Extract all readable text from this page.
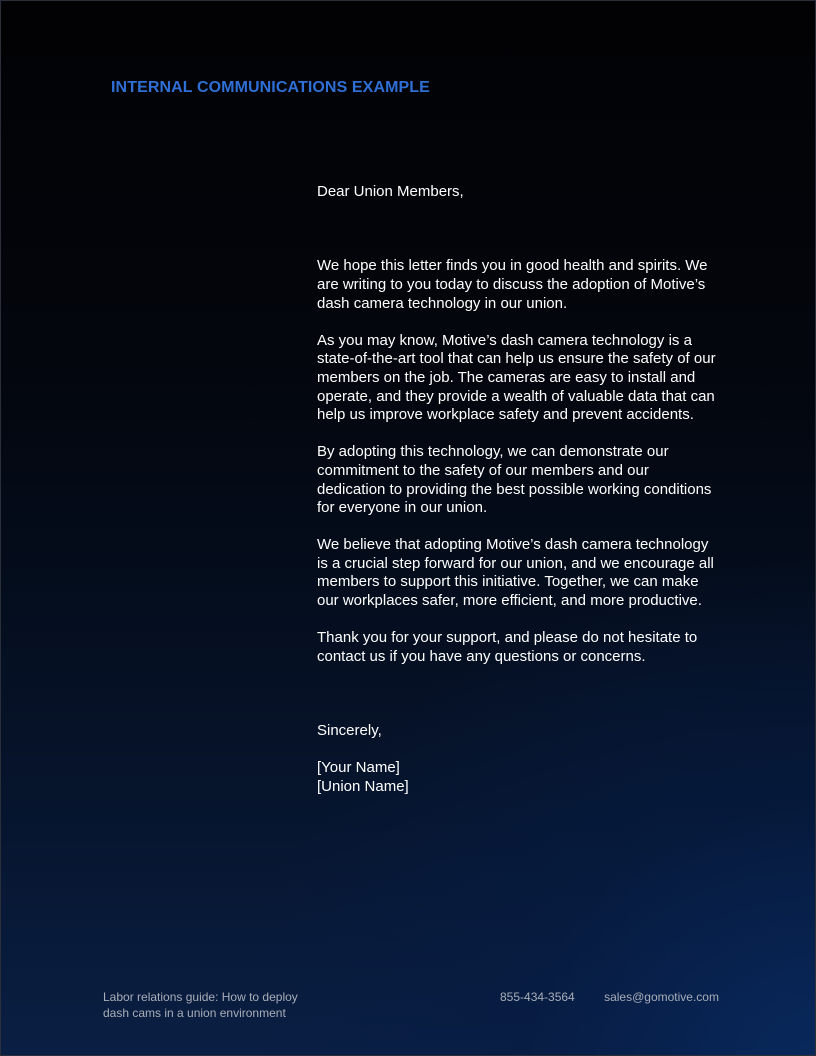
INTERNAL COMMUNICATIONS EXAMPLE

Dear Union Members,

We hope this letter finds you in good health and spirits. We are writing to you today to discuss the adoption of Motive’s dash camera technology in our union.

As you may know, Motive’s dash camera technology is a state-of-the-art tool that can help us ensure the safety of our members on the job. The cameras are easy to install and operate, and they provide a wealth of valuable data that can help us improve workplace safety and prevent accidents.

By adopting this technology, we can demonstrate our commitment to the safety of our members and our dedication to providing the best possible working conditions for everyone in our union.

We believe that adopting Motive’s dash camera technology is a crucial step forward for our union, and we encourage all members to support this initiative. Together, we can make our workplaces safer, more efficient, and more productive.

Thank you for your support, and please do not hesitate to contact us if you have any questions or concerns.

Sincerely,

[Your Name]

[Union Name]

Labor relations guide: How to deploy
dash cams in a union environment
855-434-3564 sales@gomotive.com
